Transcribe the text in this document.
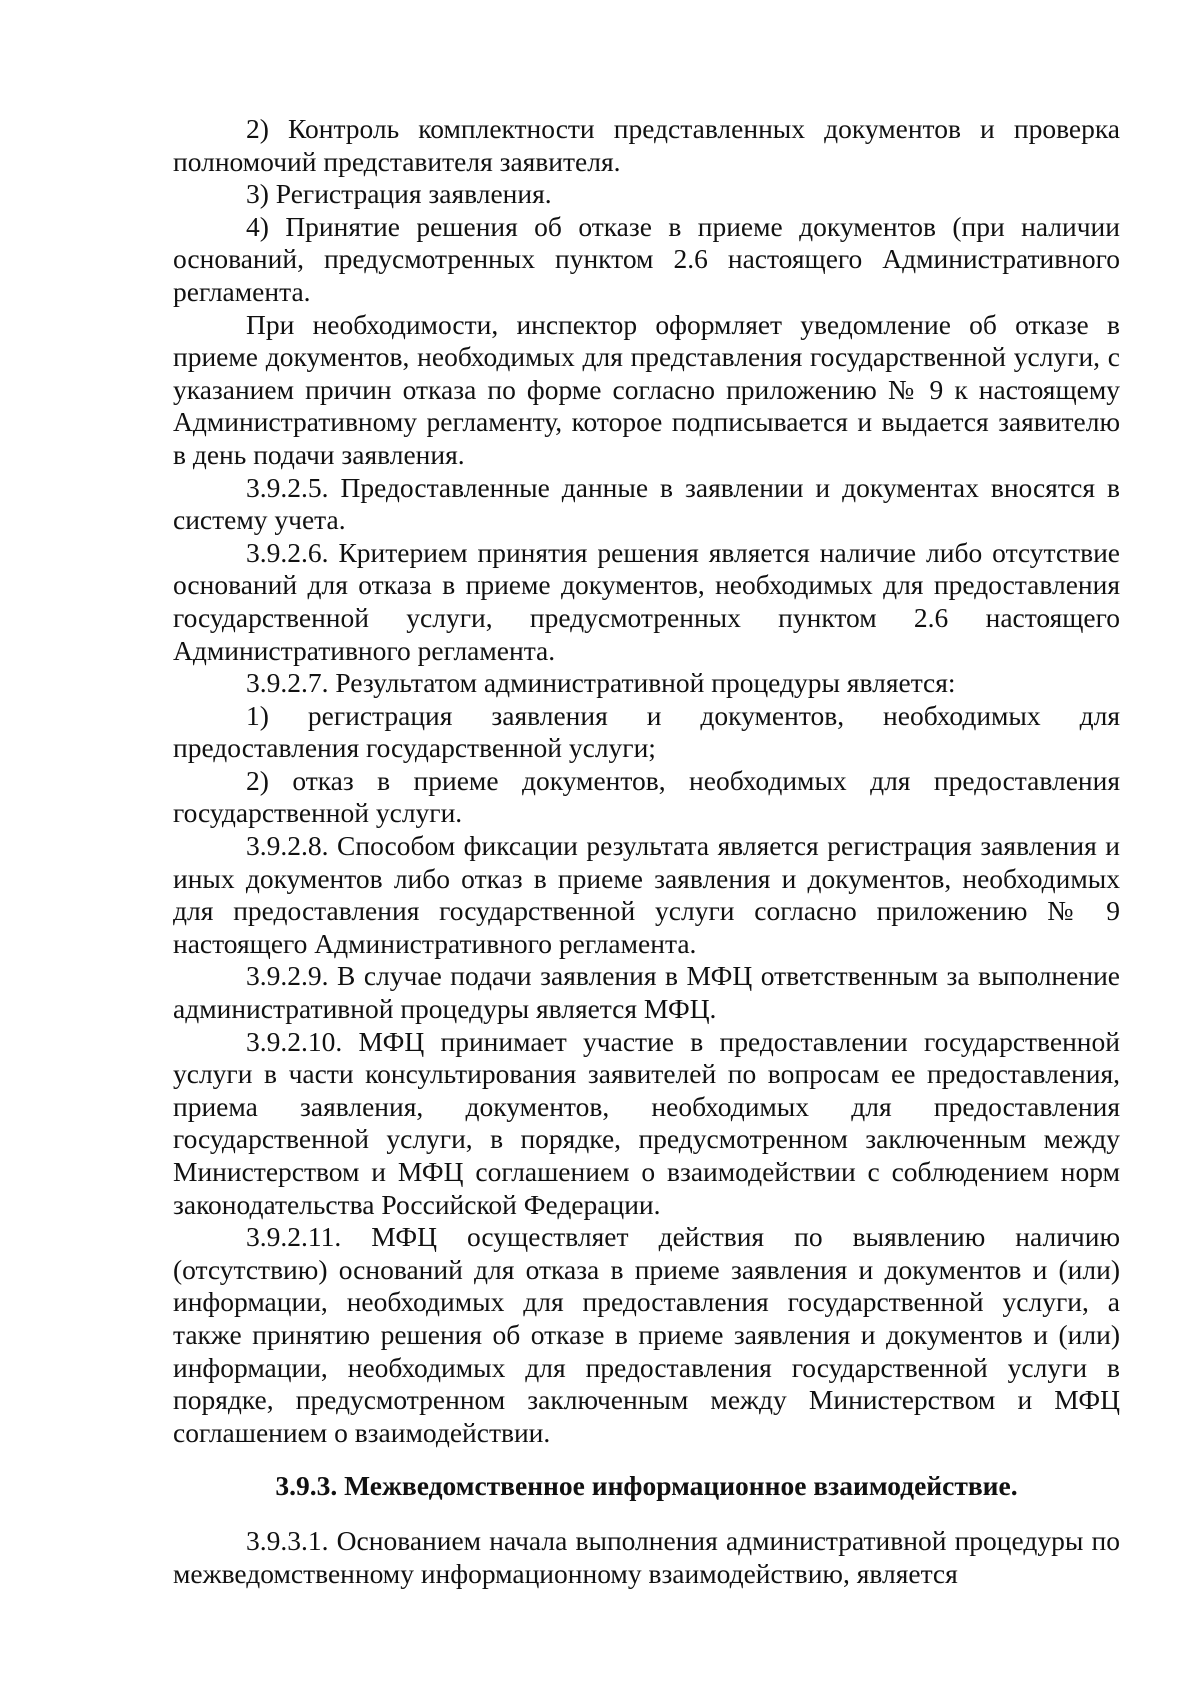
2) Контроль комплектности представленных документов и проверка полномочий представителя заявителя.

3) Регистрация заявления.

4) Принятие решения об отказе в приеме документов (при наличии оснований, предусмотренных пунктом 2.6 настоящего Административного регламента.

При необходимости, инспектор оформляет уведомление об отказе в приеме документов, необходимых для представления государственной услуги, с указанием причин отказа по форме согласно приложению № 9 к настоящему Административному регламенту, которое подписывается и выдается заявителю в день подачи заявления.

3.9.2.5. Предоставленные данные в заявлении и документах вносятся в систему учета.

3.9.2.6. Критерием принятия решения является наличие либо отсутствие оснований для отказа в приеме документов, необходимых для предоставления государственной услуги, предусмотренных пунктом 2.6 настоящего Административного регламента.

3.9.2.7. Результатом административной процедуры является:

1) регистрация заявления и документов, необходимых для предоставления государственной услуги;

2) отказ в приеме документов, необходимых для предоставления государственной услуги.

3.9.2.8. Способом фиксации результата является регистрация заявления и иных документов либо отказ в приеме заявления и документов, необходимых для предоставления государственной услуги согласно приложению № 9 настоящего Административного регламента.

3.9.2.9. В случае подачи заявления в МФЦ ответственным за выполнение административной процедуры является МФЦ.

3.9.2.10. МФЦ принимает участие в предоставлении государственной услуги в части консультирования заявителей по вопросам ее предоставления, приема заявления, документов, необходимых для предоставления государственной услуги, в порядке, предусмотренном заключенным между Министерством и МФЦ соглашением о взаимодействии с соблюдением норм законодательства Российской Федерации.

3.9.2.11. МФЦ осуществляет действия по выявлению наличию (отсутствию) оснований для отказа в приеме заявления и документов и (или) информации, необходимых для предоставления государственной услуги, а также принятию решения об отказе в приеме заявления и документов и (или) информации, необходимых для предоставления государственной услуги в порядке, предусмотренном заключенным между Министерством и МФЦ соглашением о взаимодействии.

3.9.3. Межведомственное информационное взаимодействие.

3.9.3.1. Основанием начала выполнения административной процедуры по межведомственному информационному взаимодействию, является
